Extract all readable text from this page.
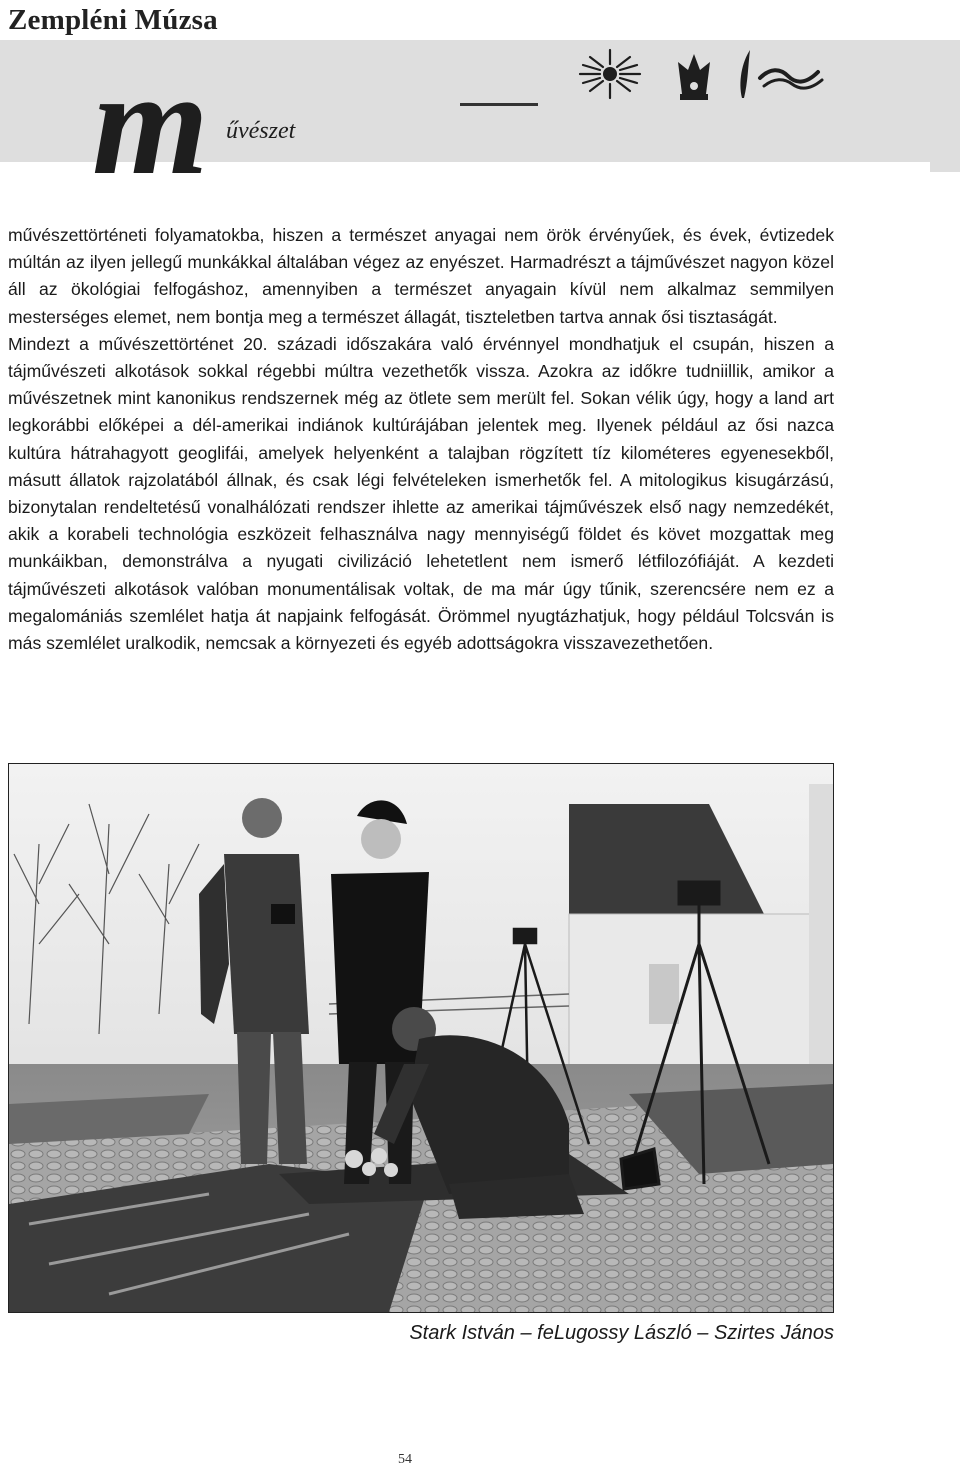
Zempléni Múzsa
m űvészet

művészettörténeti folyamatokba, hiszen a természet anyagai nem örök érvényűek, és évek, évtizedek múltán az ilyen jellegű munkákkal általában végez az enyészet. Harmadrészt a tájművészet nagyon közel áll az ökológiai felfogáshoz, amennyiben a természet anyagain kívül nem alkalmaz semmilyen mesterséges elemet, nem bontja meg a természet állagát, tiszteletben tartva annak ősi tisztaságát.

Mindezt a művészettörténet 20. századi időszakára való érvénnyel mondhatjuk el csupán, hiszen a tájművészeti alkotások sokkal régebbi múltra vezethetők vissza. Azokra az időkre tudniillik, amikor a művészetnek mint kanonikus rendszernek még az ötlete sem merült fel. Sokan vélik úgy, hogy a land art legkorábbi előképei a dél-amerikai indiánok kultúrájában jelentek meg. Ilyenek például az ősi nazca kultúra hátrahagyott geoglifái, amelyek helyenként a talajban rögzített tíz kilométeres egyenesekből, másutt állatok rajzolatából állnak, és csak légi felvételeken ismerhetők fel. A mitologikus kisugárzású, bizonytalan rendeltetésű vonalhálózati rendszer ihlette az amerikai tájművészek első nagy nemzedékét, akik a korabeli technológia eszközeit felhasználva nagy mennyiségű földet és követ mozgattak meg munkáikban, demonstrálva a nyugati civilizáció lehetetlent nem ismerő létfilozófiáját. A kezdeti tájművészeti alkotások valóban monumentálisak voltak, de ma már úgy tűnik, szerencsére nem ez a megalomániás szemlélet hatja át napjaink felfogását. Örömmel nyugtázhatjuk, hogy például Tolcsván is más szemlélet uralkodik, nemcsak a környezeti és egyéb adottságokra visszavezethetően.

Stark István – feLugossy László – Szirtes János
54
